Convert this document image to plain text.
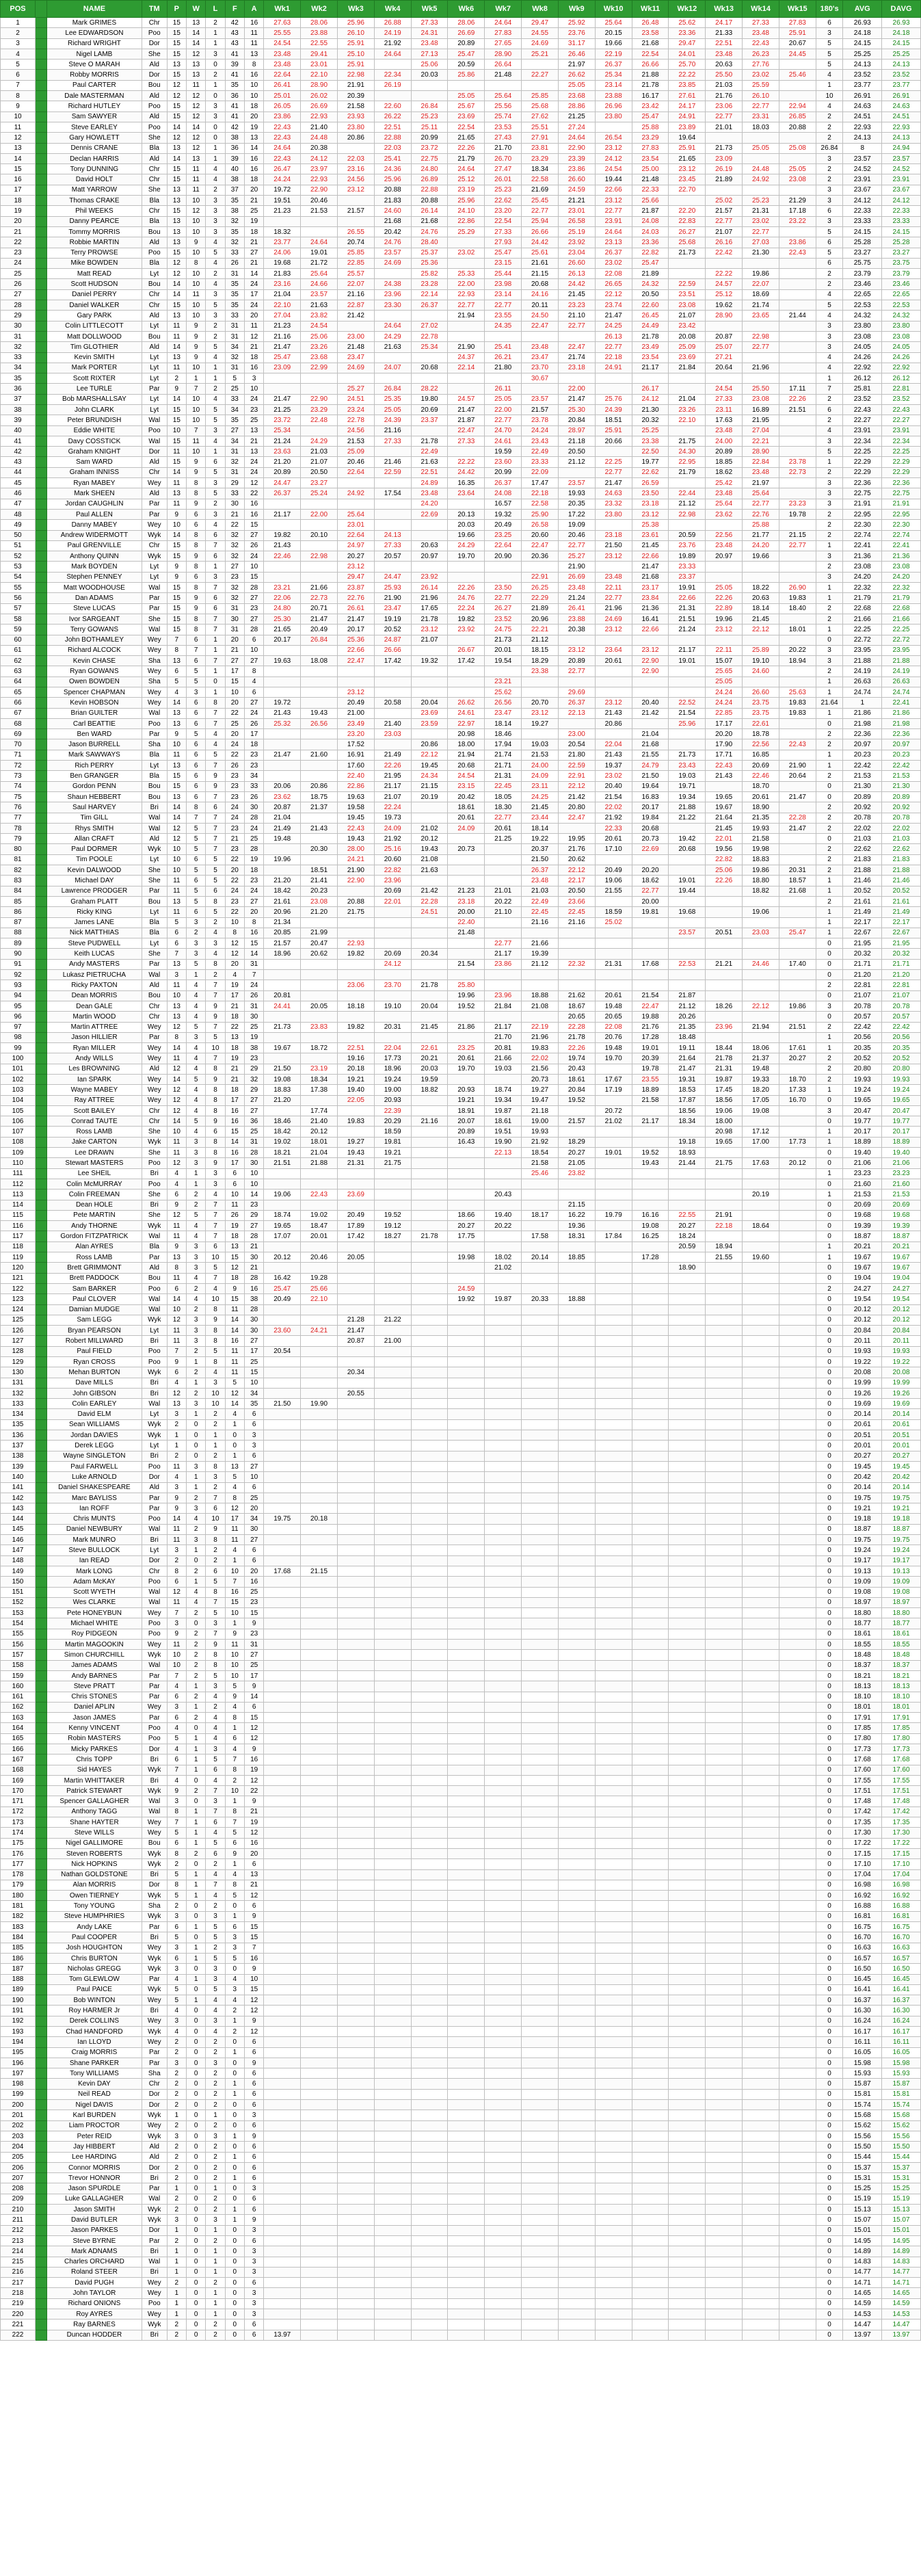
POS		NAME	TM	P	W	L	F	A	Wk1	Wk2	Wk3	Wk4	Wk5	Wk6	Wk7	Wk8	Wk9	Wk10	Wk11	Wk12	Wk13	Wk14	Wk15	180's	AVG	DAVG
1		Mark GRIMES	Chr	15	13	2	42	16	27.63	28.06	25.96	26.88	27.33	28.06	24.64	29.47	25.92	25.64	26.48	25.62	24.17	27.33	27.83	6	26.93	26.93
2		Lee EDWARDSON	Poo	15	14	1	43	11	25.55	23.88	26.10	24.19	24.31	26.69	27.83	24.55	23.76	20.15	23.58	23.36	21.33	23.48	25.91	3	24.18	24.18
3		Richard WRIGHT	Dor	15	14	1	43	11	24.54	22.55	25.91	21.92	23.48	20.89	27.65	24.69	31.17	19.66	21.68	29.47	22.51	22.43	20.67	5	24.15	24.15
4		Nigel LAMB	She	15	12	3	41	13	23.48	29.41	25.10	24.64	27.13	25.47	28.90	25.21	26.46	22.19	22.54	24.01	23.48	26.23	24.45	5	25.25	25.25
5		Steve O MARAH	Ald	13	13	0	39	8	23.48	23.01	25.91		25.06	20.59	26.64		21.97	26.37	26.66	25.70	20.63	27.76		5	24.13	24.13
6		Robby MORRIS	Dor	15	13	2	41	16	22.64	22.10	22.98	22.34	20.03	25.86	21.48	22.27	26.62	25.34	21.88	22.22	25.50	23.02	25.46	4	23.52	23.52
7		Paul CARTER	Bou	12	11	1	35	10	26.41	28.90	21.91	26.19					25.05	23.14	21.78	23.85	21.03	25.59		1	23.77	23.77
8		Dale MASTERMAN	Ald	12	12	0	36	10	25.01	26.02	20.39			25.05	25.64	25.85	23.68	23.88	16.17	27.61	21.76	26.10		10	26.91	26.91
9		Richard HUTLEY	Poo	15	12	3	41	18	26.05	26.69	21.58	22.60	26.84	25.67	25.56	25.68	28.86	26.96	23.42	24.17	23.06	22.77	22.94	4	24.63	24.63
10		Sam SAWYER	Ald	15	12	3	41	20	23.86	22.93	23.93	26.22	25.23	23.69	25.74	27.62	21.25	23.80	25.47	24.91	22.77	23.31	26.85	2	24.51	24.51
11		Steve EARLEY	Poo	14	14	0	42	19	22.43	21.40	23.80	22.51	25.11	22.54	23.53	25.51	27.24		25.88	23.89	21.01	18.03	20.88	2	22.93	22.93
12		Gary HOWLETT	She	12	12	0	38	13	22.43	24.48	20.86	22.88	20.99	21.65	27.43	27.91	24.64	26.54	23.29	19.64				2	24.13	24.13
13		Dennis CRANE	Bla	13	12	1	36	14	24.64	20.38		22.03	23.72	22.26	21.70	23.81	22.90	23.12	27.83	25.91	21.73	25.05	25.08	26.84	8	24.94
14		Declan HARRIS	Ald	14	13	1	39	16	22.43	24.12	22.03	25.41	22.75	21.79	26.70	23.29	23.39	24.12	23.54	21.65	23.09			3	23.57	23.57
15		Tony DUNNING	Chr	15	11	4	40	16	26.47	23.97	23.16	24.36	24.80	24.64	27.47	18.34	23.86	24.54	25.00	23.12	26.19	24.48	25.05	2	24.52	24.52
16		David HOLT	Chr	15	11	4	38	18	24.24	22.93	24.56	25.96	26.89	25.12	26.01	22.58	26.60	19.44	21.48	23.45	21.89	24.92	23.08	2	23.91	23.91
17		Matt YARROW	She	13	11	2	37	20	19.72	22.90	23.12	20.88	22.88	23.19	25.23	21.69	24.59	22.66	22.33	22.70				3	23.67	23.67
18		Thomas CRAKE	Bla	13	10	3	35	21	19.51	20.46		21.83	20.88	25.96	22.62	25.45	21.21	23.12	25.66		25.02	25.23	21.29	3	24.12	24.12
19		Phil WEEKS	Chr	15	12	3	38	25	21.23	21.53	21.57	24.60	26.14	24.10	23.20	22.77	23.01	22.77	21.87	22.20	21.57	21.31	17.18	6	22.33	22.33
20		Danny PEARCE	Bla	13	10	3	32	19				21.68	21.68	22.86	22.54	25.94	26.58	23.91	24.08	22.83	22.77	23.02	23.22	3	23.33	23.33
21		Tommy MORRIS	Bou	13	10	3	35	18	18.32		26.55	20.42	24.76	25.29	27.33	26.66	25.19	24.64	24.03	26.27	21.07	22.77		5	24.15	24.15
22		Robbie MARTIN	Ald	13	9	4	32	21	23.77	24.64	20.74	24.76	28.40		27.93	24.42	23.92	23.13	23.36	25.68	26.16	27.03	23.86	6	25.28	25.28
23		Terry PROWSE	Poo	15	10	5	33	27	24.06	19.01	25.85	23.57	25.37	23.02	25.47	25.61	23.04	26.37	22.82	21.73	22.42	21.30	22.43	5	23.27	23.27
24		Mike BOWDEN	Bla	12	8	4	26	21	19.68	21.72	22.85	24.69	25.36		23.15	21.61	26.60	23.02	25.47					6	25.75	23.75
25		Matt READ	Lyt	12	10	2	31	14	21.83	25.64	25.57		25.82	25.33	25.44	21.15	26.13	22.08	21.89		22.22	19.86		2	23.79	23.79
26		Scott HUDSON	Bou	14	10	4	35	24	23.16	24.66	22.07	24.38	23.28	22.00	23.98	20.68	24.42	26.65	24.32	22.59	24.57	22.07		2	23.46	23.46
27		Daniel PERRY	Chr	14	11	3	35	17	21.04	23.57	21.16	23.96	22.14	22.93	23.14	24.16	21.45	22.12	20.50	23.51	25.12	18.69		4	22.65	22.65
28		Daniel WALKER	Chr	15	10	5	35	24	22.10	21.63	22.87	23.30	26.37	22.77	22.77	20.11	23.23	23.74	22.60	23.08	19.62	21.74		5	22.53	22.53
29		Gary PARK	Ald	13	10	3	33	20	27.04	23.82	21.42			21.94	23.55	24.50	21.10	21.47	26.45	21.07	28.90	23.65	21.44	4	24.32	24.32
30		Colin LITTLECOTT	Lyt	11	9	2	31	11	21.23	24.54		24.64	27.02		24.35	22.47	22.77	24.25	24.49	23.42				3	23.80	23.80
31		Matt DOLLWOOD	Bou	11	9	2	31	12	21.16	25.06	23.00	24.29	22.78					26.13	21.78	20.08	20.87	22.98		3	23.08	23.08
32		Tim GLOTHIER	Ald	14	9	5	34	21	21.47	23.26	21.48	21.63	25.34	21.90	25.41	23.48	22.47	22.77	23.49	25.09	25.07	22.77		3	24.05	24.05
33		Kevin SMITH	Lyt	13	9	4	32	18	25.47	23.68	23.47			24.37	26.21	23.47	21.74	22.18	23.54	23.69	27.21			4	24.26	24.26
34		Mark PORTER	Lyt	11	10	1	31	16	23.09	22.99	24.69	24.07	20.68	22.14	21.80	23.70	23.18	24.91	21.17	21.84	20.64	21.96		4	22.92	22.92
35		Scott RIXTER	Lyt	2	1	1	5	3								30.67								1	26.12	26.12
36		Lee TURLE	Par	9	7	2	25	10			25.27	26.84	28.22		26.11		22.00		26.17		24.54	25.50	17.11	7	25.81	22.81
37		Bob MARSHALLSAY	Lyt	14	10	4	33	24	21.47	22.90	24.51	25.35	19.80	24.57	25.05	23.57	21.47	25.76	24.12	21.04	27.33	23.08	22.26	2	23.52	23.52
38		John CLARK	Lyt	15	10	5	34	23	21.25	23.29	23.24	25.05	20.69	21.47	22.00	21.57	25.30	24.39	21.30	23.26	23.11	16.89	21.51	6	22.43	22.43
39		Peter BRUNDISH	Wal	15	10	5	35	25	23.72	22.48	22.78	24.39	23.37	21.87	22.77	23.78	20.84	18.51	20.32	22.10	17.63	21.95		2	22.27	22.27
40		Eddie WHITE	Poo	10	7	3	27	13	25.34		24.56	21.16		22.47	24.70	24.24	28.97	25.91	25.25		23.48	27.04		4	23.91	23.91
41		Davy COSSTICK	Wal	15	11	4	34	21	21.24	24.29	21.53	27.33	21.78	27.33	24.61	23.43	21.18	20.66	23.38	21.75	24.00	22.21		3	22.34	22.34
42		Graham KNIGHT	Dor	11	10	1	31	13	23.63	21.03	25.09		22.49		19.59	22.49	20.50		22.50	24.30	20.89	28.90		5	22.25	22.25
43		Sam WARD	Ald	15	9	6	32	24	21.20	21.07	20.46	21.46	21.63	22.22	23.60	23.33	21.12	22.25	19.77	22.95	18.85	22.84	23.78	1	22.29	22.29
44		Graham INNISS	Chr	14	9	5	31	24	20.89	20.50	22.64	22.59	22.51	24.42	20.99	22.09		22.77	22.62	21.79	18.62	23.48	22.73	2	22.29	22.29
45		Ryan MABEY	Wey	11	8	3	29	12	24.47	23.27			24.89	16.35	26.37	17.47	23.57	21.47	26.59		25.42	21.97		3	22.36	22.36
46		Mark SHEEN	Ald	13	8	5	33	22	26.37	25.24	24.92	17.54	23.48	23.64	24.08	22.18	19.93	24.63	23.50	22.44	23.48	25.64		3	22.75	22.75
47		Jordan CAUGHLIN	Par	11	9	2	30	16					24.20		16.57	22.58	20.35	23.32	23.18	21.12	25.64	22.77	23.23	3	21.91	21.91
48		Paul ALLEN	Par	9	6	3	21	16	21.17	22.00	25.64		22.69	20.13	19.32	25.90	17.22	23.80	23.12	22.98	23.62	22.76	19.78	2	22.95	22.95
49		Danny MABEY	Wey	10	6	4	22	15			23.01			20.03	20.49	26.58	19.09		25.38			25.88		2	22.30	22.30
50		Andrew WIDERMOTT	Wyk	14	8	6	32	27	19.82	20.10	22.64	24.13		19.66	23.25	20.60	20.46	23.18	23.61	20.59	22.56	21.77	21.15	2	22.74	22.74
51		Paul GRENVILLE	Chr	15	8	7	32	26	21.43		24.97	27.33	20.63	24.29	22.64	22.47	22.77	21.50	21.45	23.76	23.48	24.20	22.77	1	22.41	22.41
52		Anthony QUINN	Wyk	15	9	6	32	24	22.46	22.98	20.27	20.57	20.97	19.70	20.90	20.36	25.27	23.12	22.66	19.89	20.97	19.66		3	21.36	21.36
53		Mark BOYDEN	Lyt	9	8	1	27	10			23.12						21.90		21.47	23.33				2	23.08	23.08
54		Stephen PENNEY	Lyt	9	6	3	23	15			29.47	24.47	23.92			22.91	26.69	23.48	21.68	23.37				3	24.20	24.20
55		Matt WOODHOUSE	Wal	15	8	7	32	28	23.21	21.66	23.87	25.93	26.14	22.26	23.50	26.25	23.48	22.11	23.17	19.91	25.05	18.22	26.90	1	22.32	22.32
56		Dan ADAMS	Par	15	9	6	32	27	22.06	22.73	22.76	21.90	21.96	24.76	22.77	22.29	21.24	22.77	23.84	22.66	22.26	20.63	19.83	1	21.79	21.79
57		Steve LUCAS	Par	15	9	6	31	23	24.80	20.71	26.61	23.47	17.65	22.24	26.27	21.89	26.41	21.96	21.36	21.31	22.89	18.14	18.40	2	22.68	22.68
58		Ivor SARGEANT	She	15	8	7	30	27	25.30	21.47	21.47	19.19	21.78	19.82	23.52	20.96	23.88	24.69	16.41	21.51	19.96	21.45		2	21.66	21.66
59		Terry GOWANS	Wal	15	8	7	31	28	21.65	20.49	20.17	20.52	23.12	23.92	24.75	22.21	20.38	23.12	22.66	21.24	23.12	22.12	18.01	1	22.25	22.25
60		John BOTHAMLEY	Wey	7	6	1	20	6	20.17	26.84	25.36	24.87	21.07		21.73	21.12								0	22.72	22.72
61		Richard ALCOCK	Wey	8	7	1	21	10			22.66	26.66		26.67	20.01	18.15	23.12	23.64	23.12	21.17	22.11	25.89	20.22	3	23.95	23.95
62		Kevin CHASE	Sha	13	6	7	27	27	19.63	18.08	22.47	17.42	19.32	17.42	19.54	18.29	20.89	20.61	22.90	19.01	15.07	19.10	18.94	3	21.88	21.88
63		Ryan GOWANS	Wey	6	5	1	17	8								23.38	22.77		22.90		25.65	24.60		2	24.19	24.19
64		Owen BOWDEN	Sha	5	5	0	15	4							23.21						25.05			1	26.63	26.63
65		Spencer CHAPMAN	Wey	4	3	1	10	6			23.12				25.62		29.69				24.24	26.60	25.63	1	24.74	24.74
66		Kevin HOBSON	Wey	14	6	8	20	27	19.72		20.49	20.58	20.04	26.62	26.56	20.70	26.37	23.12	20.40	22.52	24.24	23.75	19.83	21.64	1	22.41
67		Brian GUILTER	Wal	13	6	7	22	24	21.43	19.43	21.00		23.69	24.61	23.47	23.12	22.13	21.43	21.42	21.54	22.85	23.75	19.83	1	21.86	21.86
68		Carl BEATTIE	Poo	13	6	7	25	26	25.32	26.56	23.49	21.40	23.59	22.97	18.14	19.27		20.86		25.96	17.17	22.61		0	21.98	21.98
69		Ben WARD	Par	9	5	4	20	17			23.20	23.03		20.98	18.46		23.00		21.04		20.20	18.78		2	22.36	22.36
70		Jason BURRELL	Sha	10	6	4	24	18			17.52		20.86	18.00	17.94	19.03	20.54	22.04	21.68		17.90	22.56	22.43	2	20.97	20.97
71		Mark SAWWAYS	Bla	11	6	5	22	23	21.47	21.60	16.91	21.49	22.12	21.94	21.74	21.53	21.80	21.43	21.55	21.73	17.71	16.85		1	20.23	20.23
72		Rich PERRY	Lyt	13	6	7	26	23			17.60	22.26	19.45	20.68	21.71	24.00	22.59	19.37	24.79	23.43	22.43	20.69	21.90	1	22.42	22.42
73		Ben GRANGER	Bla	15	6	9	23	34			22.40	21.95	24.34	24.54	21.31	24.09	22.91	23.02	21.50	19.03	21.43	22.46	20.64	2	21.53	21.53
74		Gordon PENN	Bou	15	6	9	23	33	20.06	20.86	22.86	21.17	21.15	23.15	22.45	23.11	22.12	20.40	19.64	19.71		18.70		0	21.30	21.30
75		Shaun HEBBERT	Bou	13	6	7	23	26	23.62	18.75	19.63	21.07	20.19	20.42	18.05	24.25	21.42	21.54	16.83	19.34	19.65	20.61	21.47	0	20.89	20.89
76		Saul HARVEY	Bri	14	8	6	24	30	20.87	21.37	19.58	22.24		18.61	18.30	21.45	20.80	22.02	20.17	21.88	19.67	18.90		2	20.92	20.92
77		Tim GILL	Wal	14	7	7	24	28	21.04		19.45	19.73		20.61	22.77	23.44	22.47	21.92	19.84	21.22	21.64	21.35	22.28	2	20.78	20.78
78		Rhys SMITH	Wal	12	5	7	23	24	21.49	21.43	22.43	24.09	21.02	24.09	20.61	18.14		22.33	20.68		21.45	19.93	21.47	2	22.02	22.02
79		Allan CRAFT	Ald	12	5	7	21	25	19.48		19.43	21.92	20.12		21.25	19.22	19.95	20.61	20.73	19.42	22.01	21.58		0	21.03	21.03
80		Paul DORMER	Wyk	10	5	7	23	28		20.30	28.00	25.16	19.43	20.73		20.37	21.76	17.10	22.69	20.68	19.56	19.98		2	22.62	22.62
81		Tim POOLE	Lyt	10	6	5	22	19	19.96		24.21	20.60	21.08			21.50	20.62				22.82	18.83		2	21.83	21.83
82		Kevin DALWOOD	She	10	5	5	20	18		18.51	21.90	22.82	21.63			26.37	22.12	20.49	20.20		25.06	19.86	20.31	2	21.88	21.88
83		Michael DAY	She	11	6	5	22	23	21.20	21.41	22.90	23.96				23.48	22.17	19.06	18.62	19.01	22.26	18.80	18.57	1	21.46	21.46
84		Lawrence PRODGER	Par	11	5	6	24	24	18.42	20.23		20.69	21.42	21.23	21.01	21.03	20.50	21.55	22.77	19.44		18.82	21.68	1	20.52	20.52
85		Graham PLATT	Bou	13	5	8	23	27	21.61	23.08	20.88	22.01	22.28	23.18	20.22	22.49	23.66		20.00					2	21.61	21.61
86		Ricky KING	Lyt	11	6	5	22	20	20.96	21.20	21.75		24.51	20.00	21.10	22.45	22.45	18.59	19.81	19.68		19.06		1	21.49	21.49
87		James LANE	Bla	5	3	2	10	8	21.34					22.40		21.16	21.16	25.02						1	22.17	22.17
88		Nick MATTHIAS	Bla	6	2	4	8	16	20.85	21.99				21.48						23.57	20.51	23.03	25.47	1	22.67	22.67
89		Steve PUDWELL	Lyt	6	3	3	12	15	21.57	20.47	22.93				22.77	21.66								0	21.95	21.95
90		Keith LUCAS	She	7	3	4	12	14	18.96	20.62	19.82	20.69	20.34		21.17	19.39								0	20.32	20.32
91		Andy MASTERS	Par	13	5	8	20	31				24.12		21.54	23.86	21.12	22.32	21.31	17.68	22.53	21.21	24.46	17.40	0	21.71	21.71
92		Lukasz PIETRUCHA	Wal	3	1	2	4	7																0	21.20	21.20
93		Ricky PAXTON	Ald	11	4	7	19	24			23.06	23.70	21.78	25.80										2	22.81	22.81
94		Dean MORRIS	Bou	10	4	7	17	26	20.81					19.96	23.96	18.88	21.62	20.61	21.54	21.87				0	21.07	21.07
95		Dean GALE	Chr	13	4	9	21	31	24.41	20.05	18.18	19.10	20.04	19.52	21.84	21.08	18.67	19.48	22.47	21.12	18.26	22.12	19.86	3	20.78	20.78
96		Martin WOOD	Chr	13	4	9	18	30									20.65	20.65	19.88	20.26				0	20.57	20.57
97		Martin ATTREE	Wey	12	5	7	22	25	21.73	23.83	19.82	20.31	21.45	21.86	21.17	22.19	22.28	22.08	21.76	21.35	23.96	21.94	21.51	2	22.42	22.42
98		Jason HILLIER	Par	8	3	5	13	19							21.70	21.96	21.78	20.76	17.28	18.48				1	20.56	20.56
99		Ryan MILLER	Wey	14	4	10	18	38	19.67	18.72	22.51	22.04	22.61	23.25	20.81	19.83	22.26	19.48	19.01	19.11	18.44	18.06	17.61	1	20.35	20.35
100		Andy WILLS	Wey	11	4	7	19	23			19.16	17.73	20.21	20.61	21.66	22.02	19.74	19.70	20.39	21.64	21.78	21.37	20.27	2	20.52	20.52
101		Les BROWNING	Ald	12	4	8	21	29	21.50	23.19	20.18	18.96	20.03	19.70	19.03	21.56	20.43		19.78	21.47	21.31	19.48		2	20.80	20.80
102		Ian SPARK	Wey	14	5	9	21	32	19.08	18.34	19.21	19.24	19.59			20.73	18.61	17.67	23.55	19.31	19.87	19.33	18.70	2	19.93	19.93
103		Wayne MABEY	Wey	12	4	8	18	29	18.83	17.38	19.40	19.00	18.82	20.93	18.74	19.27	20.84	17.19	18.89	18.53	17.45	18.20	17.33	1	19.24	19.24
104		Ray ATTREE	Wey	12	4	8	17	27	21.20		22.05	20.93		19.21	19.34	19.47	19.52		21.58	17.87	18.56	17.05	16.70	0	19.65	19.65
105		Scott BAILEY	Chr	12	4	8	16	27		17.74		22.39		18.91	19.87	21.18		20.72		18.56	19.06	19.08		3	20.47	20.47
106		Conrad TAUTE	Chr	14	5	9	16	36	18.46	21.40	19.83	20.29	21.16	20.07	18.61	19.00	21.57	21.02	21.17	18.34	18.00			0	19.77	19.77
107		Ross LAMB	She	10	4	6	15	25	18.42	20.12		18.59		20.89	19.51	19.93					20.98	17.12		1	20.17	20.17
108		Jake CARTON	Wyk	11	3	8	14	31	19.02	18.01	19.27	19.81		16.43	19.90	21.92	18.29			19.18	19.65	17.00	17.73	1	18.89	18.89
109		Lee DRAWN	She	11	3	8	16	28	18.21	21.04	19.43	19.21			22.13	18.54	20.27	19.01	19.52	18.93				0	19.40	19.40
110		Stewart MASTERS	Poo	12	3	9	17	30	21.51	21.88	21.31	21.75				21.58	21.05		19.43	21.44	21.75	17.63	20.12	0	21.06	21.06
111		Lee SHEIL	Bri	4	1	3	6	10								25.46	23.82							1	23.23	23.23
112		Colin McMURRAY	Poo	4	1	3	6	10																0	21.60	21.60
113		Colin FREEMAN	She	6	2	4	10	14	19.06	22.43	23.69				20.43							20.19		1	21.53	21.53
114		Dean HOLE	Bri	9	2	7	11	23									21.15							0	20.69	20.69
115		Pete MARTIN	She	12	5	7	26	29	18.74	19.02	20.49	19.52		18.66	19.40	18.17	16.22	19.79	16.16	22.55	21.91			0	19.68	19.68
116		Andy THORNE	Wyk	11	4	7	19	27	19.65	18.47	17.89	19.12		20.27	20.22		19.36		19.08	20.27	22.18	18.64		0	19.39	19.39
117		Gordon FITZPATRICK	Wal	11	4	7	18	28	17.07	20.01	17.42	18.27	21.78	17.75		17.58	18.31	17.84	16.25	18.24				0	18.87	18.87
118		Alan AYRES	Bla	9	3	6	13	21												20.59	18.94			1	20.21	20.21
119		Ross LAMB	Par	13	3	10	15	30	20.12	20.46	20.05			19.98	18.02	20.14	18.85		17.28		21.55	19.60		1	19.67	19.67
120		Brett GRIMMONT	Ald	8	3	5	12	21							21.02					18.90				0	19.67	19.67
121		Brett PADDOCK	Bou	11	4	7	18	28	16.42	19.28														0	19.04	19.04
122		Sam BARKER	Poo	6	2	4	9	16	25.47	25.66				24.59										2	24.27	24.27
123		Paul CLOVER	Wal	14	4	10	15	38	20.49	22.10				19.92	19.87	20.33	18.88							0	19.54	19.54
124		Damian MUDGE	Wal	10	2	8	11	28																0	20.12	20.12
125		Sam LEGG	Wyk	12	3	9	14	30			21.28	21.22												0	20.12	20.12
126		Bryan PEARSON	Lyt	11	3	8	14	30	23.60	24.21	21.47													0	20.84	20.84
127		Robert MILLWARD	Bri	11	3	8	16	27			20.87	21.00												0	20.11	20.11
128		Paul FIELD	Poo	7	2	5	11	17	20.54															0	19.93	19.93
129		Ryan CROSS	Poo	9	1	8	11	25																0	19.22	19.22
130		Mehan BURTON	Wyk	6	2	4	11	15			20.34													0	20.08	20.08
131		Dave MILLS	Bri	4	1	3	5	10																0	19.99	19.99
132		John GIBSON	Bri	12	2	10	12	34			20.55													0	19.26	19.26
133		Colin EARLEY	Wal	13	3	10	14	35	21.50	19.90														0	19.69	19.69
134		David ELM	Lyt	3	1	2	4	6																0	20.14	20.14
135		Sean WILLIAMS	Wyk	2	0	2	1	6																0	20.61	20.61
136		Jordan DAVIES	Wyk	1	0	1	0	3																0	20.51	20.51
137		Derek LEGG	Lyt	1	0	1	0	3																0	20.01	20.01
138		Wayne SINGLETON	Bri	2	0	2	1	6																0	20.27	20.27
139		Paul FARWELL	Poo	11	3	8	13	27																0	19.45	19.45
140		Luke ARNOLD	Dor	4	1	3	5	10																0	20.42	20.42
141		Daniel SHAKESPEARE	Ald	3	1	2	4	6																0	20.14	20.14
142		Marc BAYLISS	Par	9	2	7	8	25																0	19.75	19.75
143		Ian ROFF	Par	9	3	6	12	20																0	19.21	19.21
144		Chris MUNTS	Poo	14	4	10	17	34	19.75	20.18														0	19.18	19.18
145		Daniel NEWBURY	Wal	11	2	9	11	30																0	18.87	18.87
146		Mark MUNRO	Bri	11	3	8	11	27																0	19.75	19.75
147		Steve BULLOCK	Lyt	3	1	2	4	6																0	19.24	19.24
148		Ian READ	Dor	2	0	2	1	6																0	19.17	19.17
149		Mark LONG	Chr	8	2	6	10	20	17.68	21.15														0	19.13	19.13
150		Adam McKAY	Poo	6	1	5	7	16																0	19.09	19.09
151		Scott WYETH	Wal	12	4	8	16	25																0	19.08	19.08
152		Wes CLARKE	Wal	11	4	7	15	23																0	18.97	18.97
153		Pete HONEYBUN	Wey	7	2	5	10	15																0	18.80	18.80
154		Michael WHITE	Poo	3	0	3	1	9																0	18.77	18.77
155		Roy PIDGEON	Poo	9	2	7	9	23																0	18.61	18.61
156		Martin MAGOOKIN	Wey	11	2	9	11	31																0	18.55	18.55
157		Simon CHURCHILL	Wyk	10	2	8	10	27																0	18.48	18.48
158		James ADAMS	Wal	10	2	8	10	25																0	18.37	18.37
159		Andy BARNES	Par	7	2	5	10	17																0	18.21	18.21
160		Steve PRATT	Par	4	1	3	5	9																0	18.13	18.13
161		Chris STONES	Par	6	2	4	9	14																0	18.10	18.10
162		Daniel APLIN	Wey	3	1	2	4	6																0	18.01	18.01
163		Jason JAMES	Par	6	2	4	8	15																0	17.91	17.91
164		Kenny VINCENT	Poo	4	0	4	1	12																0	17.85	17.85
165		Robin MASTERS	Poo	5	1	4	6	12																0	17.80	17.80
166		Micky PARKES	Dor	4	1	3	4	9																0	17.73	17.73
167		Chris TOPP	Bri	6	1	5	7	16																0	17.68	17.68
168		Sid HAYES	Wyk	7	1	6	8	19																0	17.60	17.60
169		Martin WHITTAKER	Bri	4	0	4	2	12																0	17.55	17.55
170		Patrick STEWART	Wyk	9	2	7	10	22																0	17.51	17.51
171		Spencer GALLAGHER	Wal	3	0	3	1	9																0	17.48	17.48
172		Anthony TAGG	Wal	8	1	7	8	21																0	17.42	17.42
173		Shane HAYTER	Wey	7	1	6	7	19																0	17.35	17.35
174		Steve WILLS	Wey	5	1	4	5	12																0	17.30	17.30
175		Nigel GALLIMORE	Bou	6	1	5	6	16																0	17.22	17.22
176		Steven ROBERTS	Wyk	8	2	6	9	20																0	17.15	17.15
177		Nick HOPKINS	Wyk	2	0	2	1	6																0	17.10	17.10
178		Nathan GOLDSTONE	Bri	5	1	4	4	13																0	17.04	17.04
179		Alan MORRIS	Dor	8	1	7	8	21																0	16.98	16.98
180		Owen TIERNEY	Wyk	5	1	4	5	12																0	16.92	16.92
181		Tony YOUNG	Sha	2	0	2	0	6																0	16.88	16.88
182		Steve HUMPHRIES	Wyk	3	0	3	1	9																0	16.81	16.81
183		Andy LAKE	Par	6	1	5	6	15																0	16.75	16.75
184		Paul COOPER	Bri	5	0	5	3	15																0	16.70	16.70
185		Josh HOUGHTON	Wey	3	1	2	3	7																0	16.63	16.63
186		Chris BURTON	Wyk	6	1	5	5	16																0	16.57	16.57
187		Nicholas GREGG	Wyk	3	0	3	0	9																0	16.50	16.50
188		Tom GLEWLOW	Par	4	1	3	4	10																0	16.45	16.45
189		Paul PAICE	Wyk	5	0	5	3	15																0	16.41	16.41
190		Bob WINTON	Wey	5	1	4	4	12																0	16.37	16.37
191		Roy HARMER Jr	Bri	4	0	4	2	12																0	16.30	16.30
192		Derek COLLINS	Wey	3	0	3	1	9																0	16.24	16.24
193		Chad HANDFORD	Wyk	4	0	4	2	12																0	16.17	16.17
194		Ian LLOYD	Wey	2	0	2	0	6																0	16.11	16.11
195		Craig MORRIS	Par	2	0	2	1	6																0	16.05	16.05
196		Shane PARKER	Par	3	0	3	0	9																0	15.98	15.98
197		Tony WILLIAMS	Sha	2	0	2	0	6																0	15.93	15.93
198		Kevin DAY	Chr	2	0	2	1	6																0	15.87	15.87
199		Neil READ	Dor	2	0	2	1	6																0	15.81	15.81
200		Nigel DAVIS	Dor	2	0	2	0	6																0	15.74	15.74
201		Karl BURDEN	Wyk	1	0	1	0	3																0	15.68	15.68
202		Liam PROCTOR	Wey	2	0	2	0	6																0	15.62	15.62
203		Peter REID	Wyk	3	0	3	1	9																0	15.56	15.56
204		Jay HIBBERT	Ald	2	0	2	0	6																0	15.50	15.50
205		Lee HARDING	Ald	2	0	2	1	6																0	15.44	15.44
206		Connor MORRIS	Dor	2	0	2	0	6																0	15.37	15.37
207		Trevor HONNOR	Bri	2	0	2	1	6																0	15.31	15.31
208		Jason SPURDLE	Par	1	0	1	0	3																0	15.25	15.25
209		Luke GALLAGHER	Wal	2	0	2	0	6																0	15.19	15.19
210		Jason SMITH	Wyk	2	0	2	1	6																0	15.13	15.13
211		David BUTLER	Wyk	3	0	3	1	9																0	15.07	15.07
212		Jason PARKES	Dor	1	0	1	0	3																0	15.01	15.01
213		Steve BYRNE	Par	2	0	2	0	6																0	14.95	14.95
214		Mark ADNAMS	Bri	1	0	1	0	3																0	14.89	14.89
215		Charles ORCHARD	Wal	1	0	1	0	3																0	14.83	14.83
216		Roland STEER	Bri	1	0	1	0	3																0	14.77	14.77
217		David PUGH	Wey	2	0	2	0	6																0	14.71	14.71
218		John TAYLOR	Wey	1	0	1	0	3																0	14.65	14.65
219		Richard ONIONS	Poo	1	0	1	0	3																0	14.59	14.59
220		Roy AYRES	Wey	1	0	1	0	3																0	14.53	14.53
221		Ray BARNES	Wyk	2	0	2	0	6																0	14.47	14.47
222		Duncan HODDER	Bri	2	0	2	0	6	13.97															0	13.97	13.97
